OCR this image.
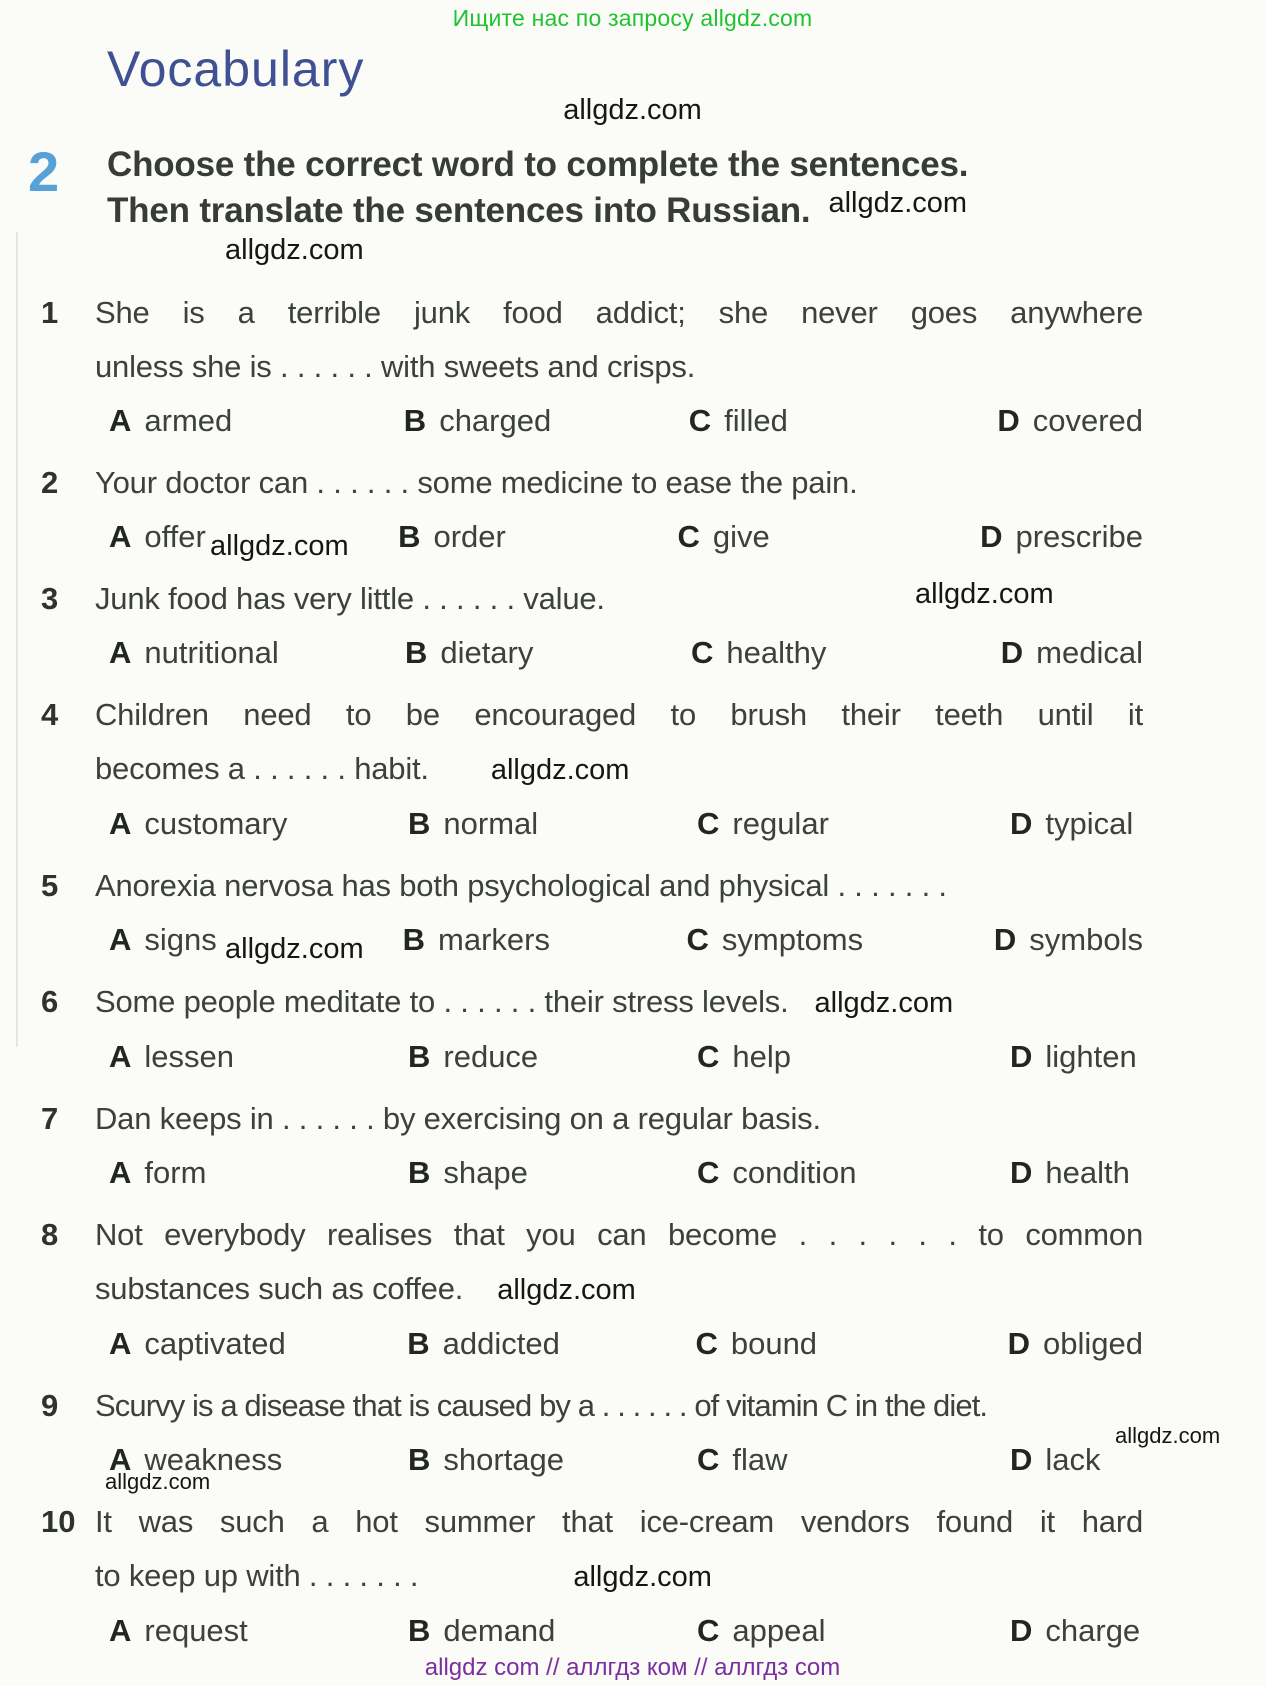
Ищите нас по запросу allgdz.com
Vocabulary
allgdz.com
2	Choose the correct word to complete the sentences.
Then translate the sentences into Russian. allgdz.com
allgdz.com
1	She is a terrible junk food addict; she never goes anywhere
unless she is . . . . . . with sweets and crisps.
A armed	B charged	C filled	D covered
2	Your doctor can . . . . . . some medicine to ease the pain.
A offer	B order	C give	D prescribe
allgdz.com
3	Junk food has very little . . . . . . value.
A nutritional	B dietary	C healthy	D medical
allgdz.com
4	Children need to be encouraged to brush their teeth until it
becomes a . . . . . . habit. allgdz.com
A customary	B normal	C regular	D typical
5	Anorexia nervosa has both psychological and physical . . . . . . .
A signs	B markers	C symptoms	D symbols
allgdz.com
6	Some people meditate to . . . . . . their stress levels. allgdz.com
A lessen	B reduce	C help	D lighten
7	Dan keeps in . . . . . . by exercising on a regular basis.
A form	B shape	C condition	D health
8	Not everybody realises that you can become . . . . . . to common
substances such as coffee. allgdz.com
A captivated	B addicted	C bound	D obliged
9	Scurvy is a disease that is caused by a . . . . . . of vitamin C in the diet.
A weakness	B shortage	C flaw	D lack
allgdz.com
allgdz.com
10 It was such a hot summer that ice-cream vendors found it hard
to keep up with . . . . . . .	allgdz.com
A request	B demand	C appeal	D charge
allgdz com // аллгдз ком // аллгдз com
